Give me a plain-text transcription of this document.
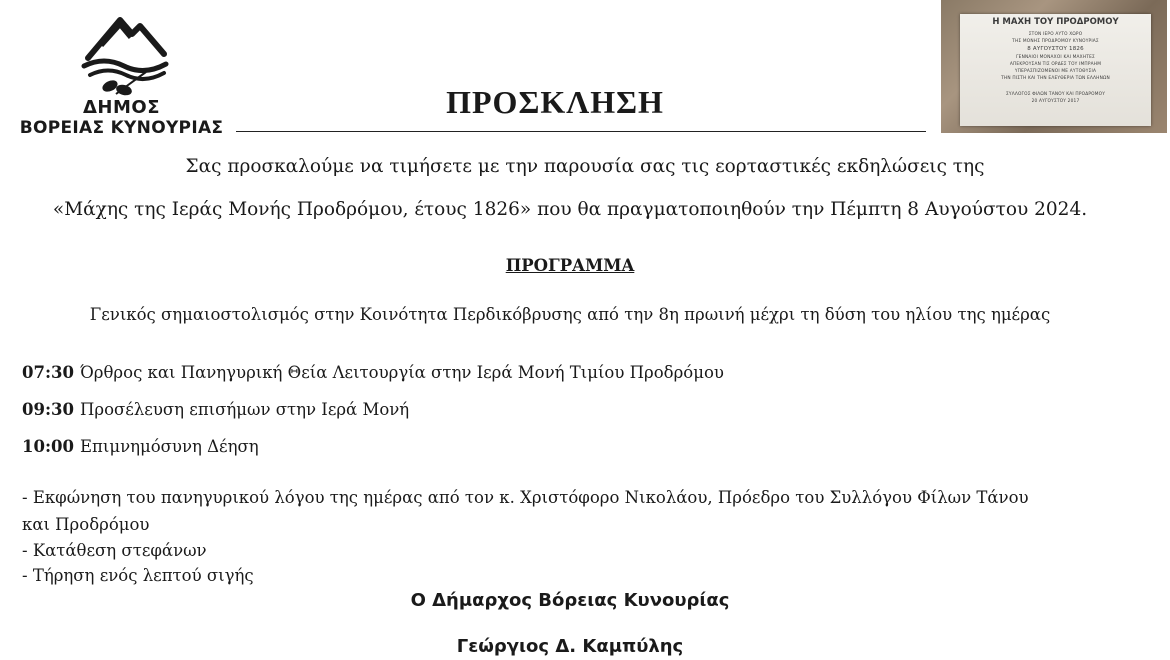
ΔΗΜΟΣ
ΒΟΡΕΙΑΣ ΚΥΝΟΥΡΙΑΣ
ΠΡΟΣΚΛΗΣΗ
Η ΜΑΧΗ ΤΟΥ ΠΡΟΔΡΟΜΟΥ
ΣΤΟΝ ΙΕΡΟ ΑΥΤΟ ΧΩΡΟ
ΤΗΣ ΜΟΝΗΣ ΠΡΟΔΡΟΜΟΥ ΚΥΝΟΥΡΙΑΣ
8 ΑΥΓΟΥΣΤΟΥ 1826
ΓΕΝΝΑΙΟΙ ΜΟΝΑΧΟΙ ΚΑΙ ΜΑΧΗΤΕΣ
ΑΠΕΚΡΟΥΣΑΝ ΤΙΣ ΟΡΔΕΣ ΤΟΥ ΙΜΠΡΑΗΜ
ΥΠΕΡΑΣΠΙΖΟΜΕΝΟΙ ΜΕ ΑΥΤΟΘΥΣΙΑ
ΤΗΝ ΠΙΣΤΗ ΚΑΙ ΤΗΝ ΕΛΕΥΘΕΡΙΑ ΤΩΝ ΕΛΛΗΝΩΝ
ΣΥΛΛΟΓΟΣ ΦΙΛΩΝ ΤΑΝΟΥ ΚΑΙ ΠΡΟΔΡΟΜΟΥ
20 ΑΥΓΟΥΣΤΟΥ 2017
Σας προσκαλούμε να τιμήσετε με την παρουσία σας τις εορταστικές εκδηλώσεις της
«Μάχης της Ιεράς Μονής Προδρόμου, έτους 1826» που θα πραγματοποιηθούν την Πέμπτη 8 Αυγούστου 2024.
ΠΡΟΓΡΑΜΜΑ
Γενικός σημαιοστολισμός στην Κοινότητα Περδικόβρυσης από την 8η πρωινή μέχρι τη δύση του ηλίου της ημέρας
07:30 Όρθρος και Πανηγυρική Θεία Λειτουργία στην Ιερά Μονή Τιμίου Προδρόμου
09:30 Προσέλευση επισήμων στην Ιερά Μονή
10:00 Επιμνημόσυνη Δέηση
- Εκφώνηση του πανηγυρικού λόγου της ημέρας από τον κ. Χριστόφορο Νικολάου, Πρόεδρο του Συλλόγου Φίλων Τάνου
και Προδρόμου
- Κατάθεση στεφάνων
- Τήρηση ενός λεπτού σιγής
Ο Δήμαρχος Βόρειας Κυνουρίας
Γεώργιος Δ. Καμπύλης
